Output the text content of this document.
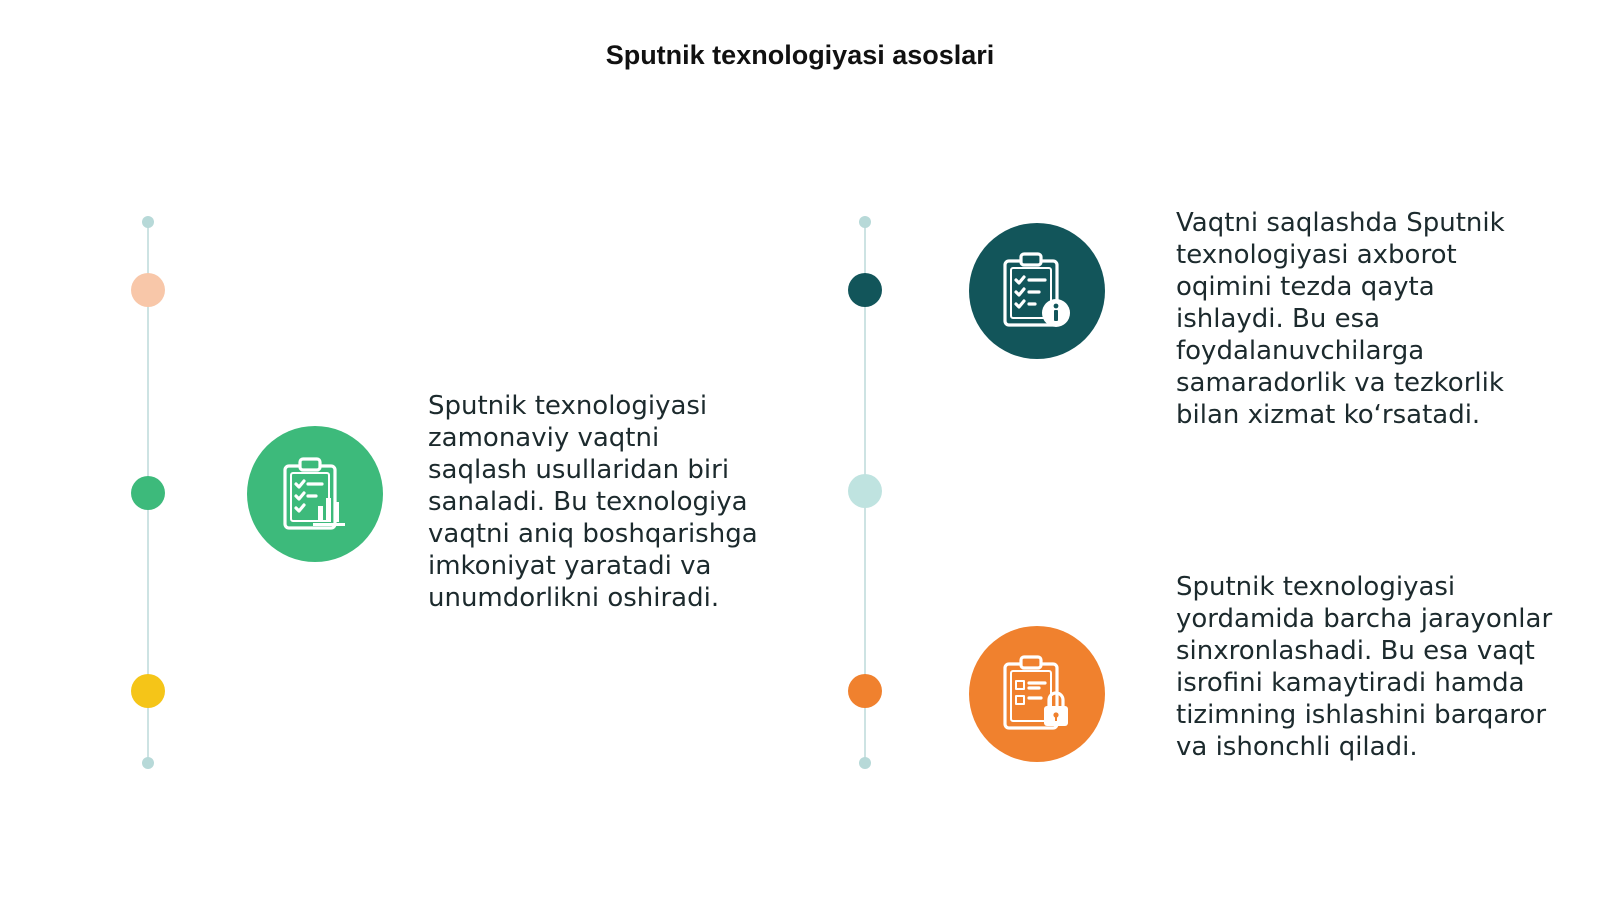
Sputnik texnologiyasi asoslari
Sputnik texnologiyasi zamonaviy vaqtni saqlash usullaridan biri sanaladi. Bu texnologiya vaqtni aniq boshqarishga imkoniyat yaratadi va unumdorlikni oshiradi.
Vaqtni saqlashda Sputnik texnologiyasi axborot oqimini tezda qayta ishlaydi. Bu esa foydalanuvchilarga samaradorlik va tezkorlik bilan xizmat ko‘rsatadi.
Sputnik texnologiyasi yordamida barcha jarayonlar sinxronlashadi. Bu esa vaqt isrofini kamaytiradi hamda tizimning ishlashini barqaror va ishonchli qiladi.
